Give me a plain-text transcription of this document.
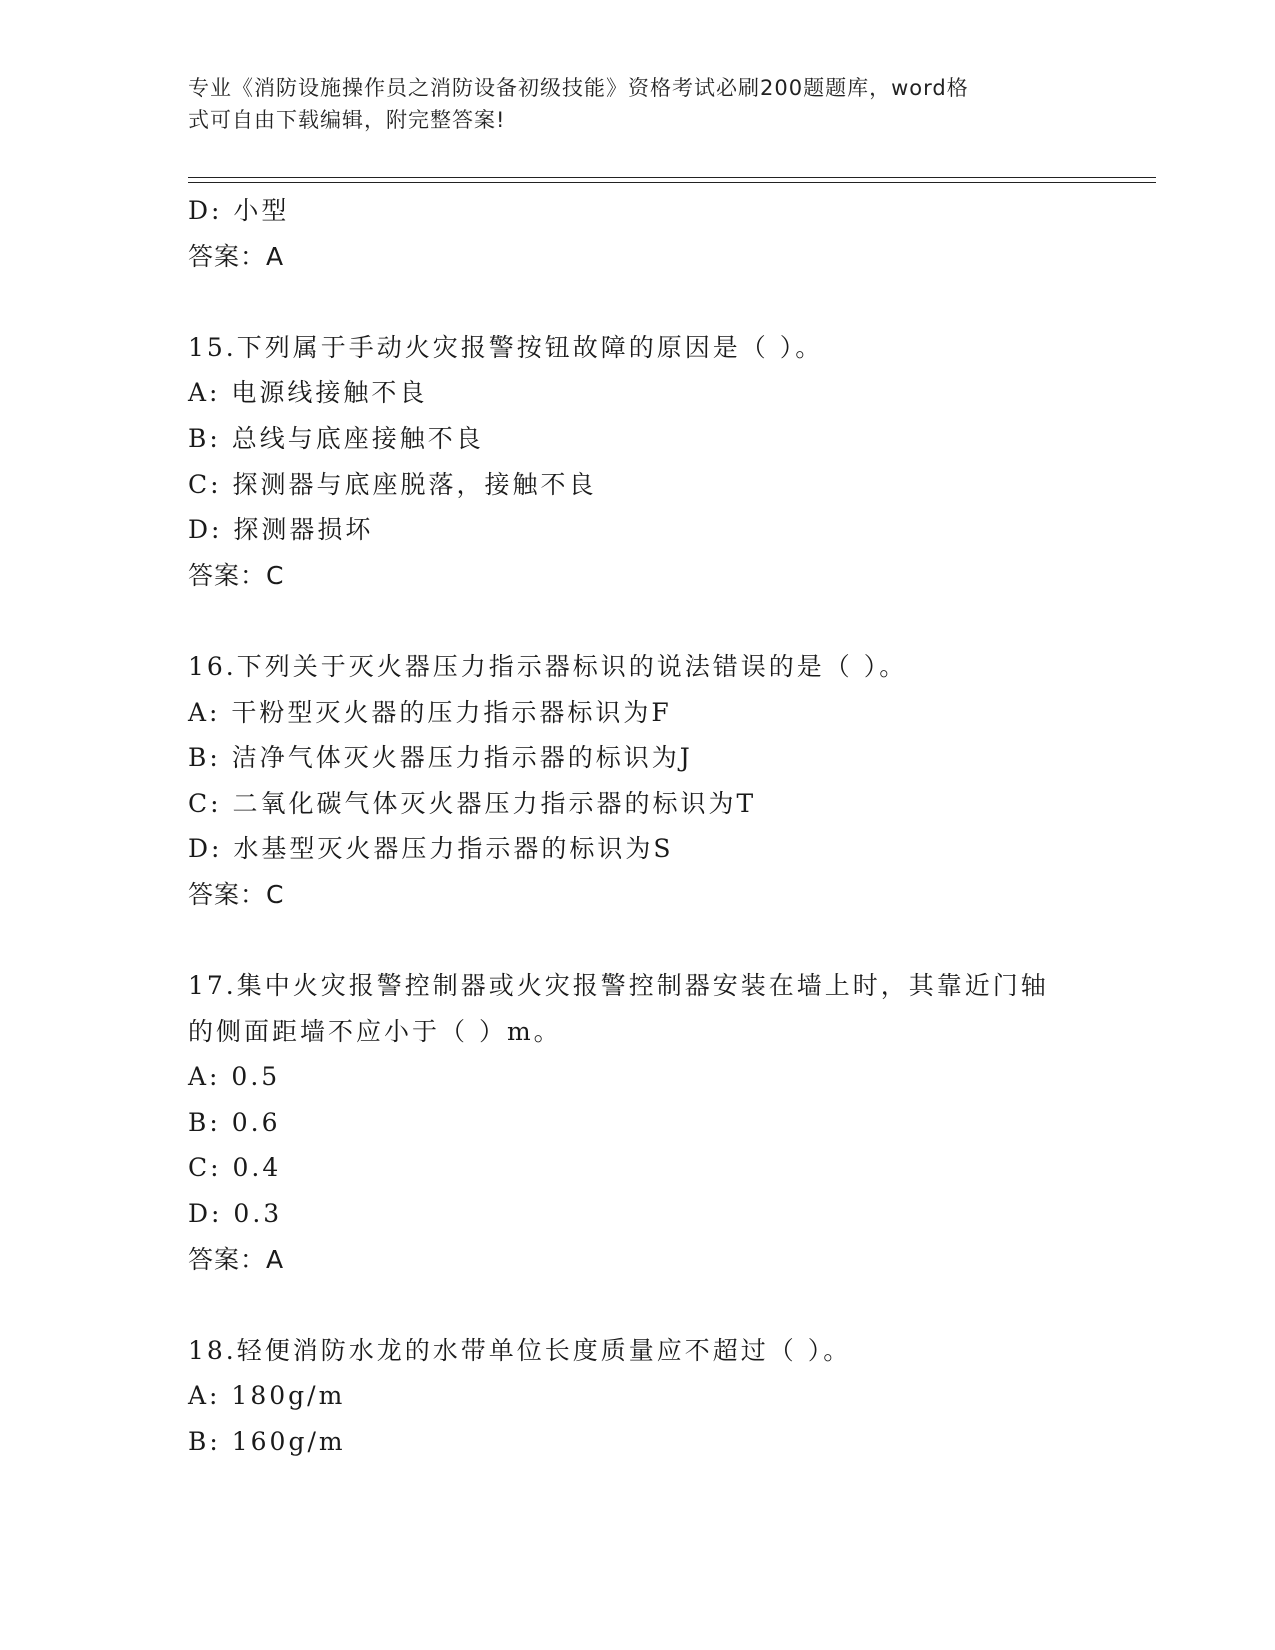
专业《消防设施操作员之消防设备初级技能》资格考试必刷200题题库，word格
式可自由下载编辑，附完整答案!
D: 小型
答案：A
15.下列属于手动火灾报警按钮故障的原因是（ ）。
A: 电源线接触不良
B: 总线与底座接触不良
C: 探测器与底座脱落，接触不良
D: 探测器损坏
答案：C
16.下列关于灭火器压力指示器标识的说法错误的是（ ）。
A: 干粉型灭火器的压力指示器标识为F
B: 洁净气体灭火器压力指示器的标识为J
C: 二氧化碳气体灭火器压力指示器的标识为T
D: 水基型灭火器压力指示器的标识为S
答案：C
17.集中火灾报警控制器或火灾报警控制器安装在墙上时，其靠近门轴
的侧面距墙不应小于（ ）m。
A: 0.5
B: 0.6
C: 0.4
D: 0.3
答案：A
18.轻便消防水龙的水带单位长度质量应不超过（ ）。
A: 180g/m
B: 160g/m
